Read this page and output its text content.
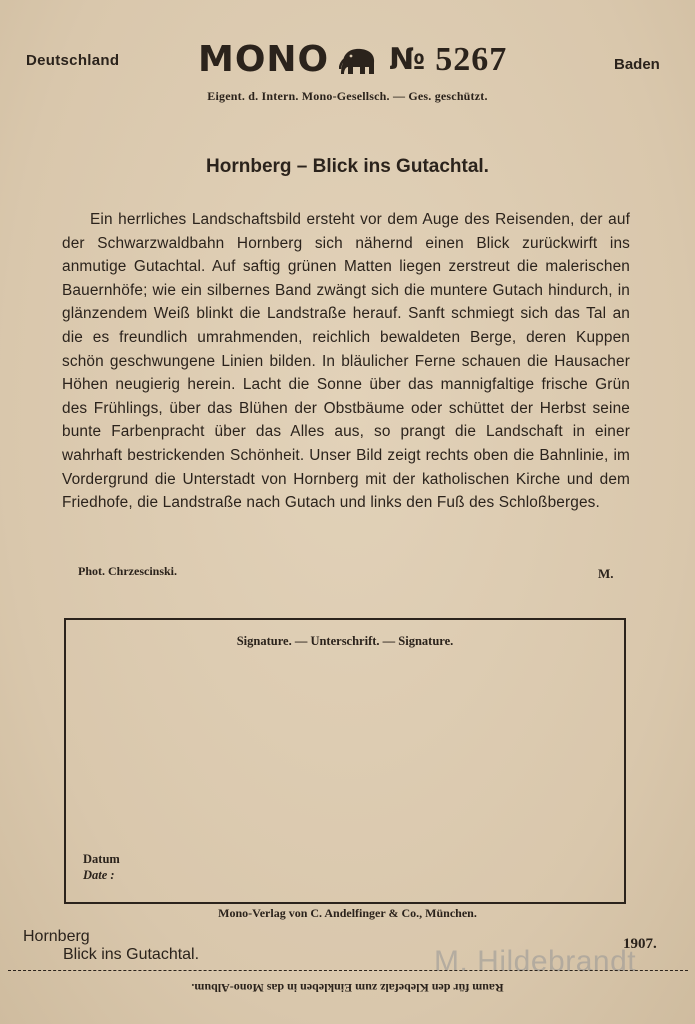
Deutschland MONO № 5267	Baden
Eigent. d. Intern. Mono-Gesellsch. — Ges. geschützt.
Hornberg – Blick ins Gutachtal.
Ein herrliches Landschaftsbild ersteht vor dem Auge des Reisenden, der auf der Schwarzwaldbahn Hornberg sich nähernd einen Blick zurückwirft ins anmutige Gutachtal. Auf saftig grünen Matten liegen zerstreut die malerischen Bauernhöfe; wie ein silbernes Band zwängt sich die muntere Gutach hindurch, in glänzendem Weiß blinkt die Landstraße herauf. Sanft schmiegt sich das Tal an die es freundlich umrahmenden, reichlich bewaldeten Berge, deren Kuppen schön geschwungene Linien bilden. In bläulicher Ferne schauen die Hausacher Höhen neugierig herein. Lacht die Sonne über das mannigfaltige frische Grün des Frühlings, über das Blühen der Obstbäume oder schüttet der Herbst seine bunte Farbenpracht über das Alles aus, so prangt die Landschaft in einer wahrhaft bestrickenden Schönheit. Unser Bild zeigt rechts oben die Bahnlinie, im Vordergrund die Unterstadt von Hornberg mit der katholischen Kirche und dem Friedhofe, die Landstraße nach Gutach und links den Fuß des Schloßberges.
Phot. Chrzescinski.	M.
Signature. — Unterschrift. — Signature.
Datum
Date :
Mono-Verlag von C. Andelfinger & Co., München.
Hornberg
Blick ins Gutachtal.	M. Hildebrandt
1907.
Raum für den Klebefalz zum Einkleben in das Mono-Album.
